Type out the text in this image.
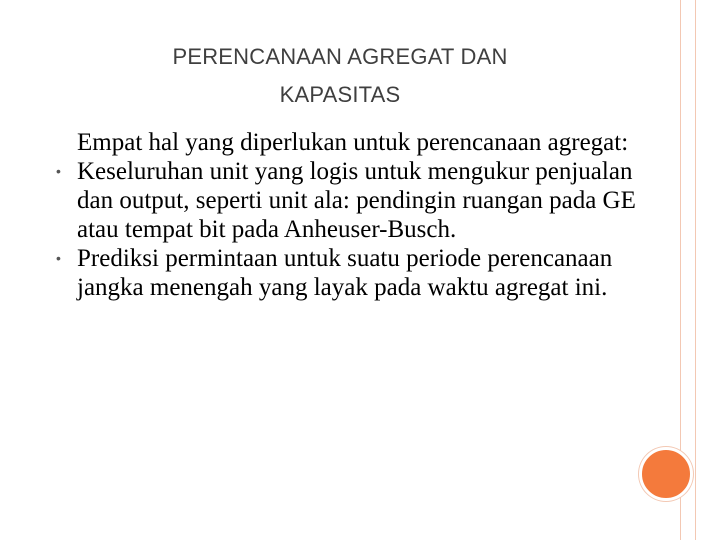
PERENCANAAN AGREGAT DAN
KAPASITAS
Empat hal yang diperlukan untuk perencanaan agregat:
• Keseluruhan unit yang logis untuk mengukur penjualan dan output, seperti unit ala: pendingin ruangan pada GE atau tempat bit pada Anheuser-Busch.
• Prediksi permintaan untuk suatu periode perencanaan jangka menengah yang layak pada waktu agregat ini.
